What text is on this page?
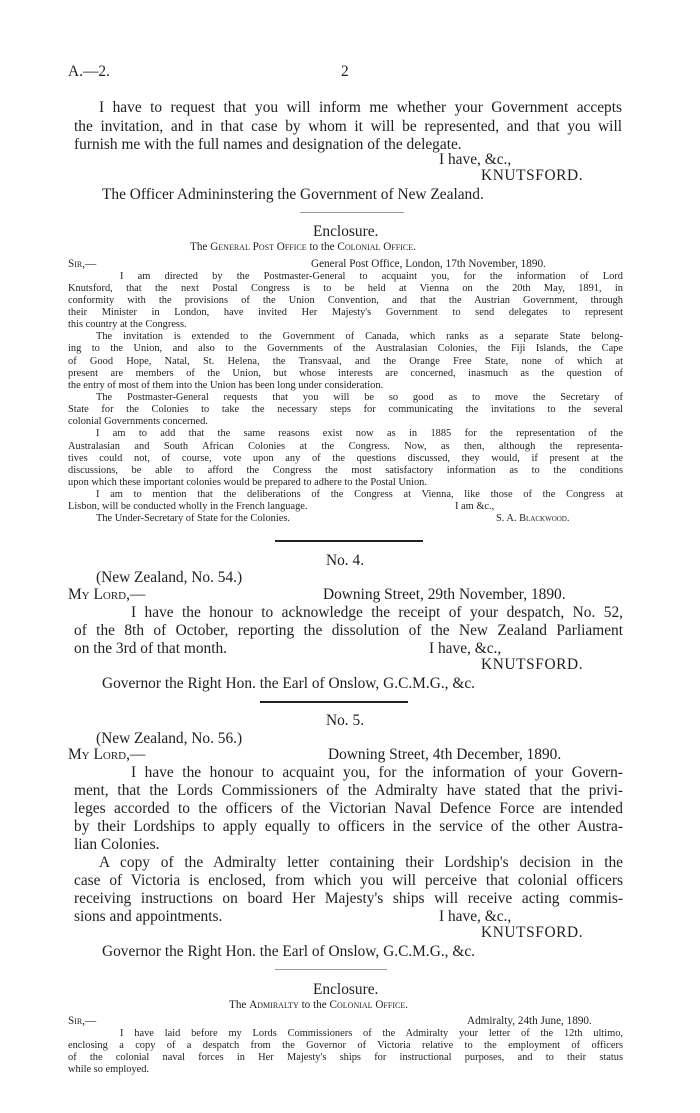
A.—2.	2
I have to request that you will inform me whether your Government accepts
the invitation, and in that case by whom it will be represented, and that you will
furnish me with the full names and designation of the delegate.
I have, &c.,
KNUTSFORD.
The Officer Admininstering the Government of New Zealand.
Enclosure.
The General Post Office to the Colonial Office.
Sir,—	General Post Office, London, 17th November, 1890.
I am directed by the Postmaster-General to acquaint you, for the information of Lord
Knutsford, that the next Postal Congress is to be held at Vienna on the 20th May, 1891, in
conformity with the provisions of the Union Convention, and that the Austrian Government, through
their Minister in London, have invited Her Majesty's Government to send delegates to represent
this country at the Congress.
The invitation is extended to the Government of Canada, which ranks as a separate State belong-
ing to the Union, and also to the Governments of the Australasian Colonies, the Fiji Islands, the Cape
of Good Hope, Natal, St. Helena, the Transvaal, and the Orange Free State, none of which at
present are members of the Union, but whose interests are concerned, inasmuch as the question of
the entry of most of them into the Union has been long under consideration.
The Postmaster-General requests that you will be so good as to move the Secretary of
State for the Colonies to take the necessary steps for communicating the invitations to the several
colonial Governments concerned.
I am to add that the same reasons exist now as in 1885 for the representation of the
Australasian and South African Colonies at the Congress. Now, as then, although the representa-
tives could not, of course, vote upon any of the questions discussed, they would, if present at the
discussions, be able to afford the Congress the most satisfactory information as to the conditions
upon which these important colonies would be prepared to adhere to the Postal Union.
I am to mention that the deliberations of the Congress at Vienna, like those of the Congress at
Lisbon, will be conducted wholly in the French language.	I am &c.,
The Under-Secretary of State for the Colonies.	S. A. Blackwood.
No. 4.
(New Zealand, No. 54.)
My Lord,—	Downing Street, 29th November, 1890.
I have the honour to acknowledge the receipt of your despatch, No. 52,
of the 8th of October, reporting the dissolution of the New Zealand Parliament
on the 3rd of that month.	I have, &c.,
KNUTSFORD.
Governor the Right Hon. the Earl of Onslow, G.C.M.G., &c.
No. 5.
(New Zealand, No. 56.)
My Lord,—	Downing Street, 4th December, 1890.
I have the honour to acquaint you, for the information of your Govern-
ment, that the Lords Commissioners of the Admiralty have stated that the privi-
leges accorded to the officers of the Victorian Naval Defence Force are intended
by their Lordships to apply equally to officers in the service of the other Austra-
lian Colonies.
A copy of the Admiralty letter containing their Lordship's decision in the
case of Victoria is enclosed, from which you will perceive that colonial officers
receiving instructions on board Her Majesty's ships will receive acting commis-
sions and appointments.	I have, &c.,
KNUTSFORD.
Governor the Right Hon. the Earl of Onslow, G.C.M.G., &c.
Enclosure.
The Admiralty to the Colonial Office.
Sir,—	Admiralty, 24th June, 1890.
I have laid before my Lords Commissioners of the Admiralty your letter of the 12th ultimo,
enclosing a copy of a despatch from the Governor of Victoria relative to the employment of officers
of the colonial naval forces in Her Majesty's ships for instructional purposes, and to their status
while so employed.
